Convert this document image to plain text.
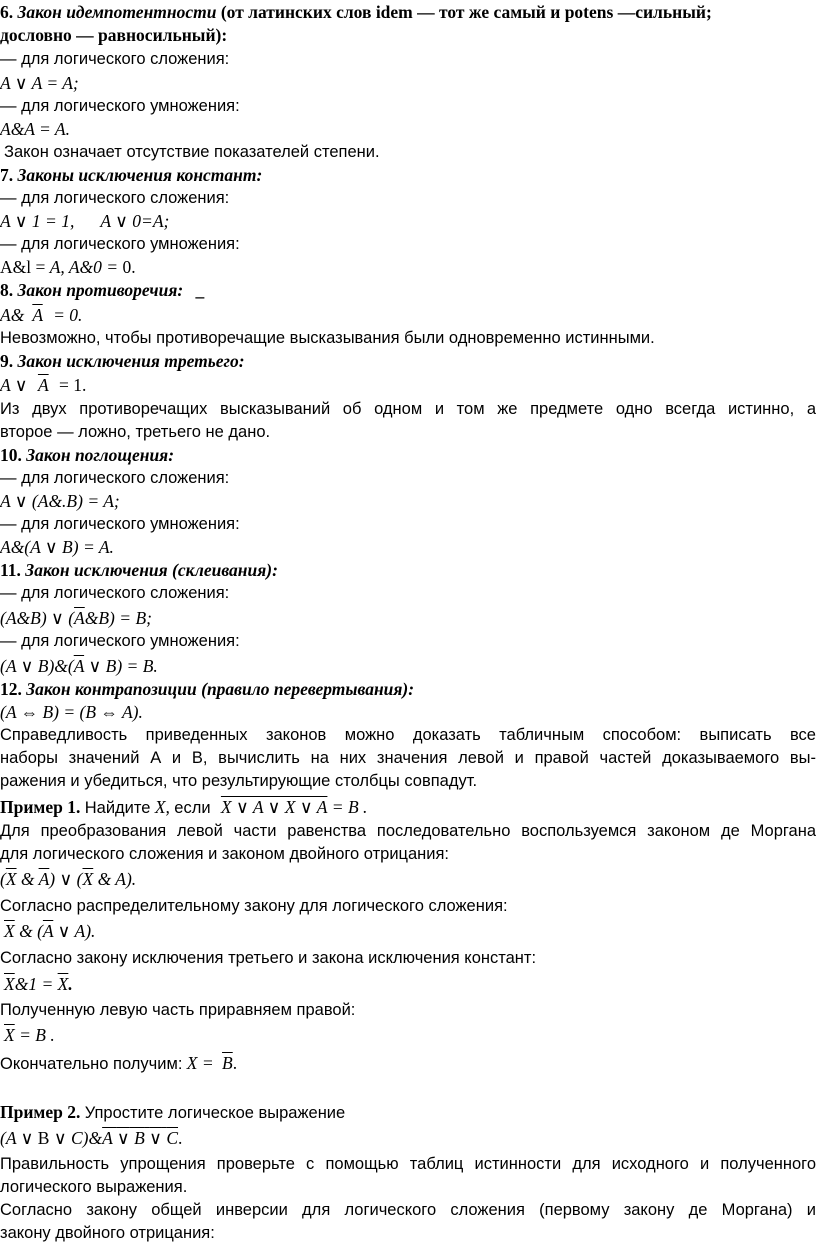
6. Закон идемпотентности (от латинских слов idem — тот же самый и potens —сильный;
дословно — равносильный):
— для логического сложения:
A ∨ A = A;
— для логического умножения:
A&A = A.
Закон означает отсутствие показателей степени.
7. Законы исключения констант:
— для логического сложения:
A ∨ 1 = 1, A ∨ 0=A;
— для логического умножения:
A&l = A, A&0 = 0.
8. Закон противоречия: _
A& $\overline{A} = 0$.
Невозможно, чтобы противоречащие высказывания были одновременно истинными.
9. Закон исключения третьего:
A ∨ $\overline{A} = 1$.
Из двух противоречащих высказываний об одном и том же предмете одно всегда истинно, а
второе — ложно, третьего не дано.
10. Закон поглощения:
— для логического сложения:
A ∨ (A&.B) = A;
— для логического умножения:
A&(A ∨ B) = A.
11. Закон исключения (склеивания):
— для логического сложения:
(A&B) ∨ $(\overline{A}\&B) = B$;
— для логического умножения:
(A ∨ $B)\&(\overline{A}$ ∨ B) = B.
12. Закон контрапозиции (правило перевертывания):
(A ⇔ B) = (B ⇔ A).
Справедливость приведенных законов можно доказать табличным способом: выписать все
наборы значений А и B, вычислить на них значения левой и правой частей доказываемого вы-
ражения и убедиться, что результирующие столбцы совпадут.
Пример 1. Найдите X, если X ∨ A ∨ X ∨ A = B .
Для преобразования левой части равенства последовательно воспользуемся законом де Моргана
для логического сложения и законом двойного отрицания:
($\overline{X}$ & $\overline{A}$) ∨ ($\overline{X}$ & A).
Согласно распределительному закону для логического сложения:
$\overline{X}$ & ($\overline{A}$ ∨ A).
Согласно закону исключения третьего и закона исключения констант:
$\overline{X}\&1 = \overline{X}$.
Полученную левую часть приравняем правой:
$\overline{X} = B$ .
Окончательно получим: $X = \overline{B}$.
Пример 2. Упростите логическое выражение
(A ∨ B ∨ C)&A ∨ B ∨ C.
Правильность упрощения проверьте с помощью таблиц истинности для исходного и полученного
логического выражения.
Согласно закону общей инверсии для логического сложения (первому закону де Моргана) и
закону двойного отрицания:
